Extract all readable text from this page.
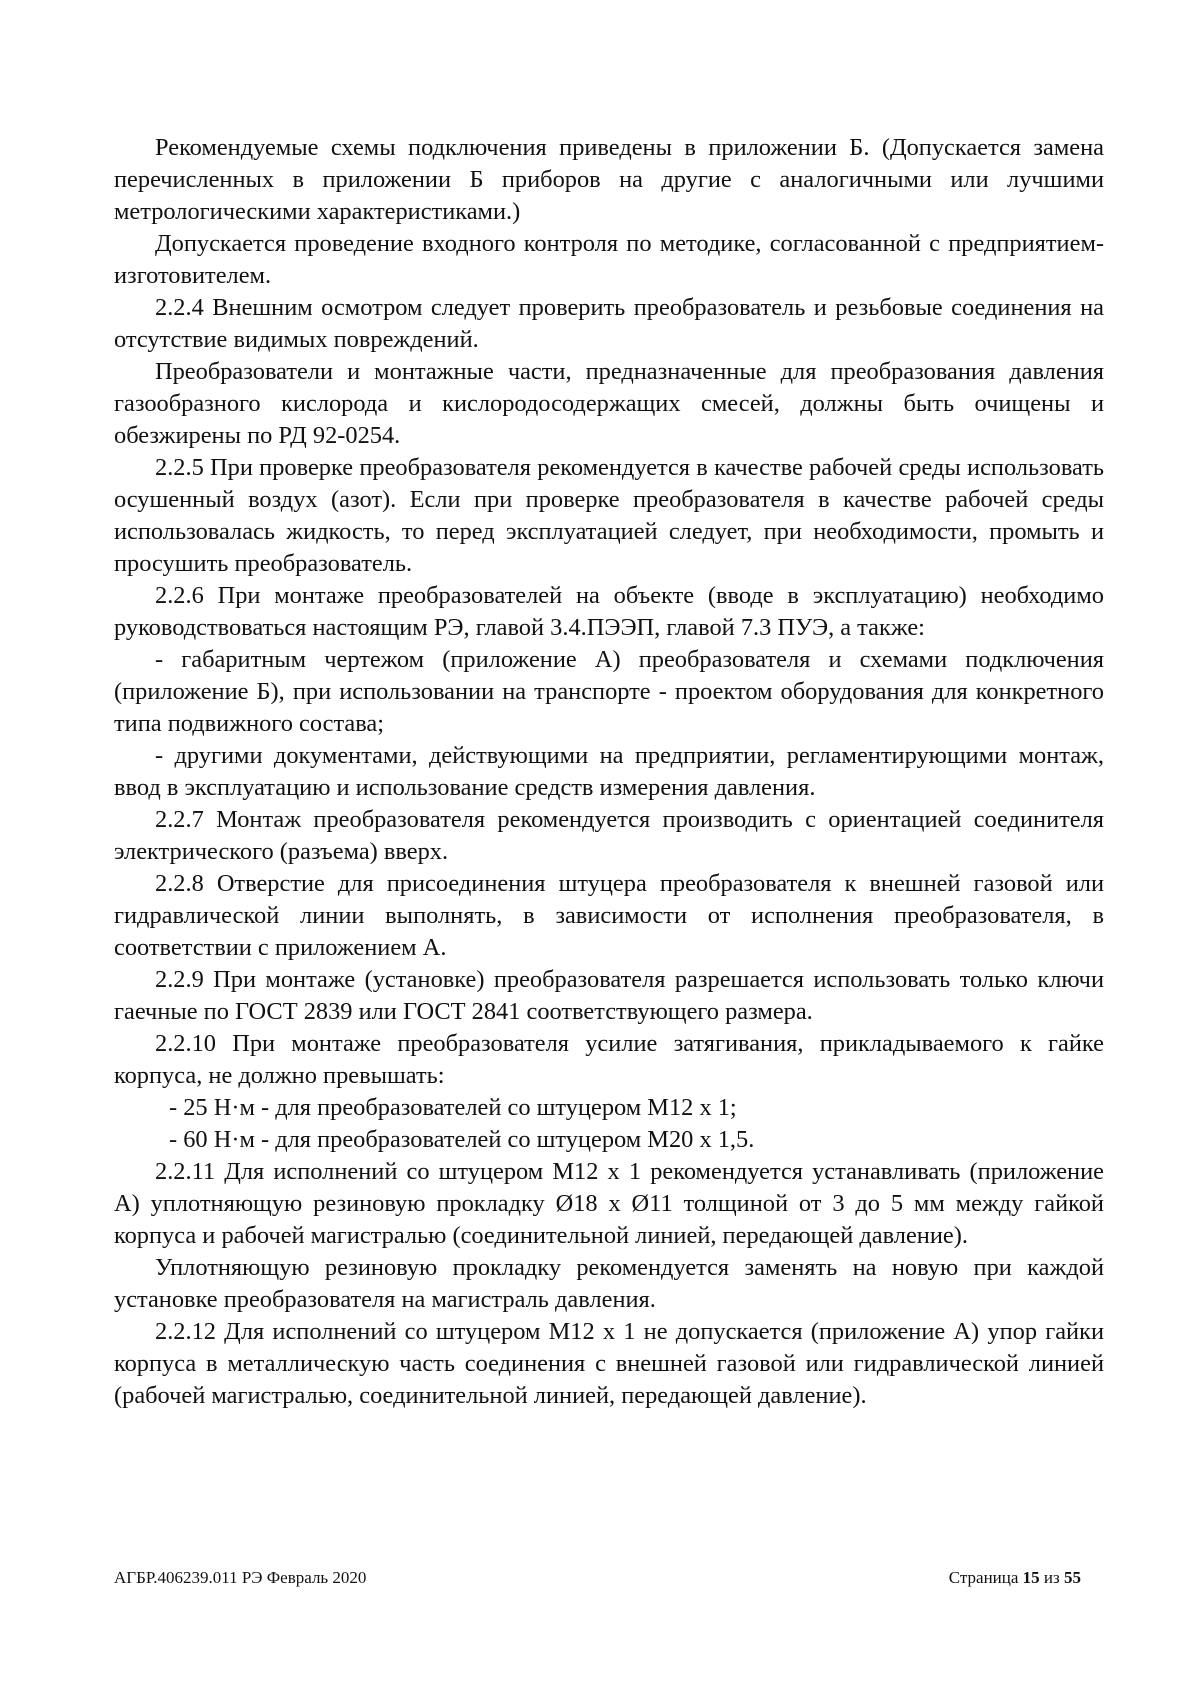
Рекомендуемые схемы подключения приведены в приложении Б. (Допускается замена перечисленных в приложении Б приборов на другие с аналогичными или лучшими метрологическими характеристиками.)

Допускается проведение входного контроля по методике, согласованной с предприятием-изготовителем.

2.2.4 Внешним осмотром следует проверить преобразователь и резьбовые соединения на отсутствие видимых повреждений.

Преобразователи и монтажные части, предназначенные для преобразования давления газообразного кислорода и кислородосодержащих смесей, должны быть очищены и обезжирены по РД 92-0254.

2.2.5 При проверке преобразователя рекомендуется в качестве рабочей среды использовать осушенный воздух (азот). Если при проверке преобразователя в качестве рабочей среды использовалась жидкость, то перед эксплуатацией следует, при необходимости, промыть и просушить преобразователь.

2.2.6 При монтаже преобразователей на объекте (вводе в эксплуатацию) необходимо руководствоваться настоящим РЭ, главой 3.4.ПЭЭП, главой 7.3 ПУЭ, а также:

- габаритным чертежом (приложение А) преобразователя и схемами подключения (приложение Б), при использовании на транспорте - проектом оборудования для конкретного типа подвижного состава;

- другими документами, действующими на предприятии, регламентирующими монтаж, ввод в эксплуатацию и использование средств измерения давления.

2.2.7 Монтаж преобразователя рекомендуется производить с ориентацией соединителя электрического (разъема) вверх.

2.2.8 Отверстие для присоединения штуцера преобразователя к внешней газовой или гидравлической линии выполнять, в зависимости от исполнения преобразователя, в соответствии с приложением А.

2.2.9 При монтаже (установке) преобразователя разрешается использовать только ключи гаечные по ГОСТ 2839 или ГОСТ 2841 соответствующего размера.

2.2.10 При монтаже преобразователя усилие затягивания, прикладываемого к гайке корпуса, не должно превышать:

- 25 Н·м - для преобразователей со штуцером М12 х 1;

- 60 Н·м - для преобразователей со штуцером М20 х 1,5.

2.2.11 Для исполнений со штуцером М12 х 1 рекомендуется устанавливать (приложение А) уплотняющую резиновую прокладку Ø18 х Ø11 толщиной от 3 до 5 мм между гайкой корпуса и рабочей магистралью (соединительной линией, передающей давление).

Уплотняющую резиновую прокладку рекомендуется заменять на новую при каждой установке преобразователя на магистраль давления.

2.2.12 Для исполнений со штуцером М12 х 1 не допускается (приложение А) упор гайки корпуса в металлическую часть соединения с внешней газовой или гидравлической линией (рабочей магистралью, соединительной линией, передающей давление).

АГБР.406239.011 РЭ Февраль 2020	Страница 15 из 55
